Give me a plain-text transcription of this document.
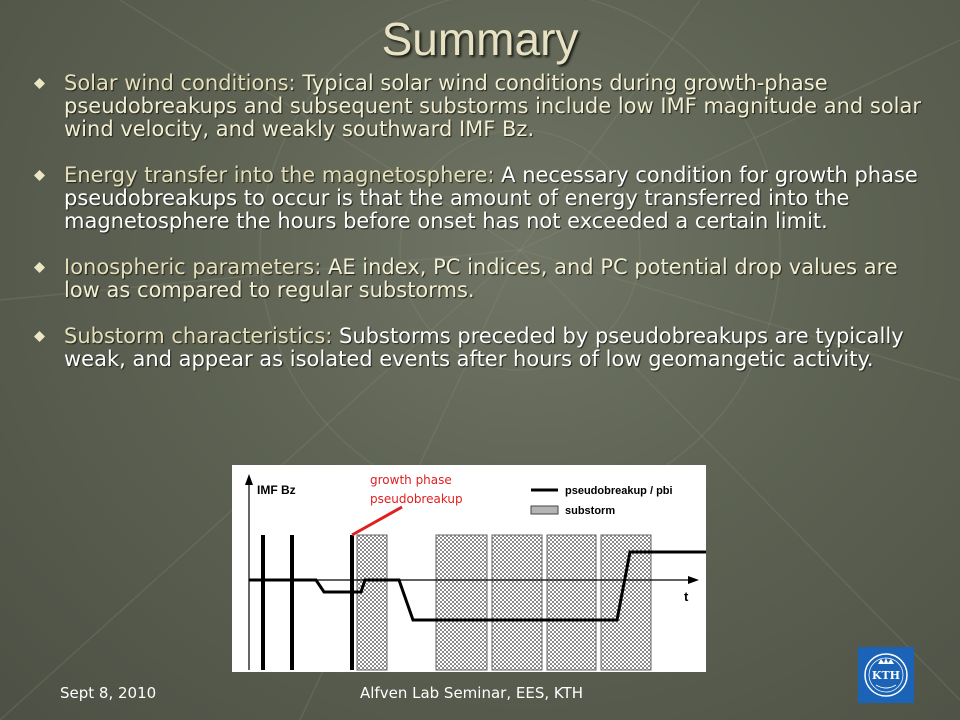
Summary
Solar wind conditions: Typical solar wind conditions during growth-phase pseudobreakups and subsequent substorms include low IMF magnitude and solar wind velocity, and weakly southward IMF Bz.
Energy transfer into the magnetosphere: A necessary condition for growth phase pseudobreakups to occur is that the amount of energy transferred into the magnetosphere the hours before onset has not exceeded a certain limit.
Ionospheric parameters: AE index, PC indices, and PC potential drop values are low as compared to regular substorms.
Substorm characteristics: Substorms preceded by pseudobreakups are typically weak, and appear as isolated events after hours of low geomangetic activity.
IMF Bz
t
growth phase
pseudobreakup
pseudobreakup / pbi
substorm
Sept 8, 2010	Alfven Lab Seminar, EES, KTH
KTH
